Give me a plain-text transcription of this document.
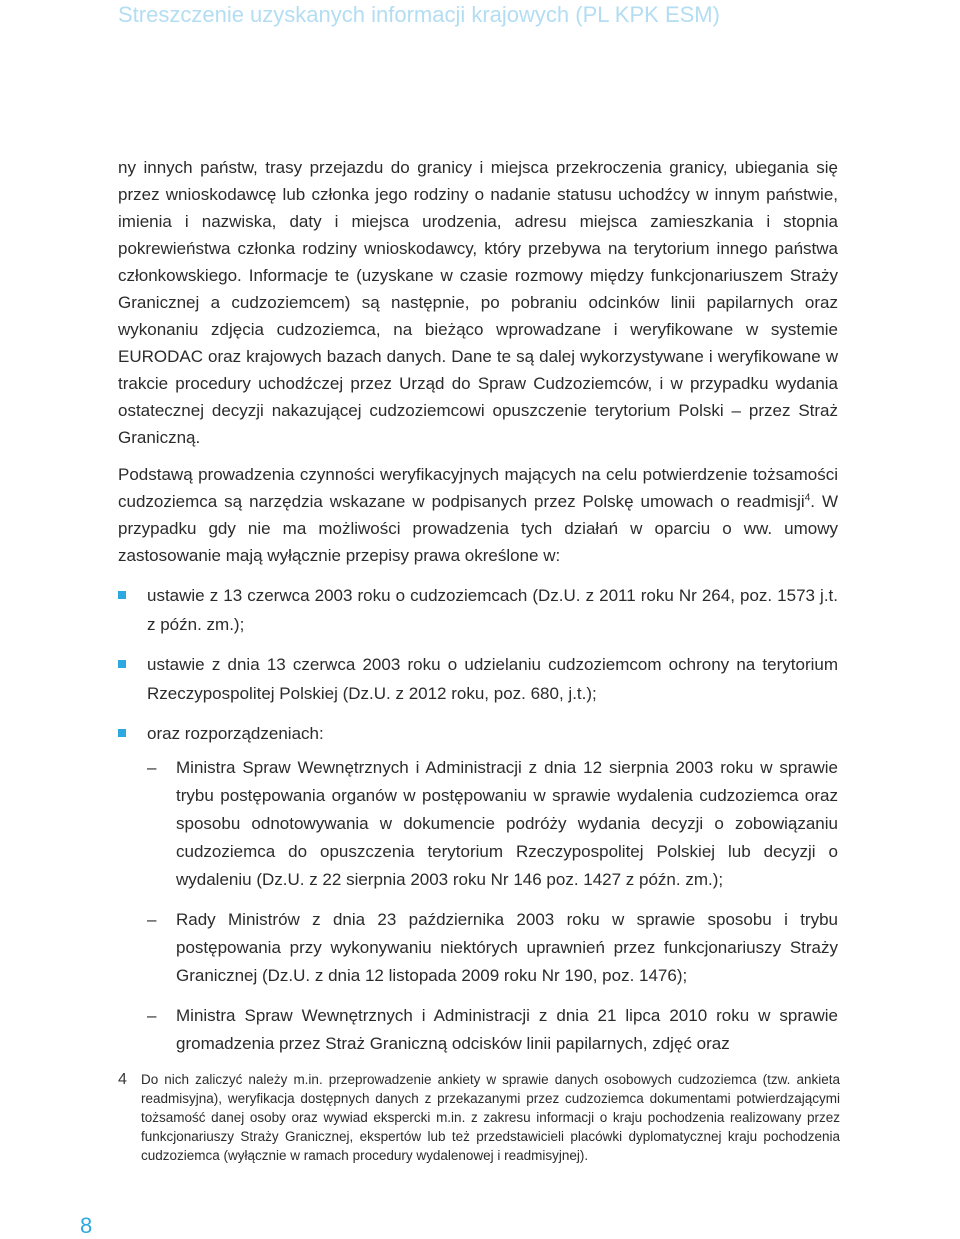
Streszczenie uzyskanych informacji krajowych (PL KPK ESM)

ny innych państw, trasy przejazdu do granicy i miejsca przekroczenia granicy, ubiegania się przez wnioskodawcę lub członka jego rodziny o nadanie statusu uchodźcy w innym państwie, imienia i nazwiska, daty i miejsca urodzenia, adresu miejsca zamieszkania i stopnia pokrewieństwa członka rodziny wnioskodawcy, który przebywa na terytorium innego państwa członkowskiego. Informacje te (uzyskane w czasie rozmowy między funkcjonariuszem Straży Granicznej a cudzoziemcem) są następnie, po pobraniu odcinków linii papilarnych oraz wykonaniu zdjęcia cudzoziemca, na bieżąco wprowadzane i weryfikowane w systemie EURODAC oraz krajowych bazach danych. Dane te są dalej wykorzystywane i weryfikowane w trakcie procedury uchodźczej przez Urząd do Spraw Cudzoziemców, i w przypadku wydania ostatecznej decyzji nakazującej cudzoziemcowi opuszczenie terytorium Polski – przez Straż Graniczną.

Podstawą prowadzenia czynności weryfikacyjnych mających na celu potwierdzenie tożsamości cudzoziemca są narzędzia wskazane w podpisanych przez Polskę umowach o readmisji$^4$. W przypadku gdy nie ma możliwości prowadzenia tych działań w oparciu o ww. umowy zastosowanie mają wyłącznie przepisy prawa określone w:

ustawie z 13 czerwca 2003 roku o cudzoziemcach (Dz.U. z 2011 roku Nr 264, poz. 1573 j.t. z późn. zm.);
ustawie z dnia 13 czerwca 2003 roku o udzielaniu cudzoziemcom ochrony na terytorium Rzeczypospolitej Polskiej (Dz.U. z 2012 roku, poz. 680, j.t.);
oraz rozporządzeniach:
– Ministra Spraw Wewnętrznych i Administracji z dnia 12 sierpnia 2003 roku w sprawie trybu postępowania organów w postępowaniu w sprawie wydalenia cudzoziemca oraz sposobu odnotowywania w dokumencie podróży wydania decyzji o zobowiązaniu cudzoziemca do opuszczenia terytorium Rzeczypospolitej Polskiej lub decyzji o wydaleniu (Dz.U. z 22 sierpnia 2003 roku Nr 146 poz. 1427 z późn. zm.);
– Rady Ministrów z dnia 23 października 2003 roku w sprawie sposobu i trybu postępowania przy wykonywaniu niektórych uprawnień przez funkcjonariuszy Straży Granicznej (Dz.U. z dnia 12 listopada 2009 roku Nr 190, poz. 1476);
– Ministra Spraw Wewnętrznych i Administracji z dnia 21 lipca 2010 roku w sprawie gromadzenia przez Straż Graniczną odcisków linii papilarnych, zdjęć oraz
4 Do nich zaliczyć należy m.in. przeprowadzenie ankiety w sprawie danych osobowych cudzoziemca (tzw. ankieta readmisyjna), weryfikacja dostępnych danych z przekazanymi przez cudzoziemca dokumentami potwierdzającymi tożsamość danej osoby oraz wywiad ekspercki m.in. z zakresu informacji o kraju pochodzenia realizowany przez funkcjonariuszy Straży Granicznej, ekspertów lub też przedstawicieli placówki dyplomatycznej kraju pochodzenia cudzoziemca (wyłącznie w ramach procedury wydalenowej i readmisyjnej).
8
